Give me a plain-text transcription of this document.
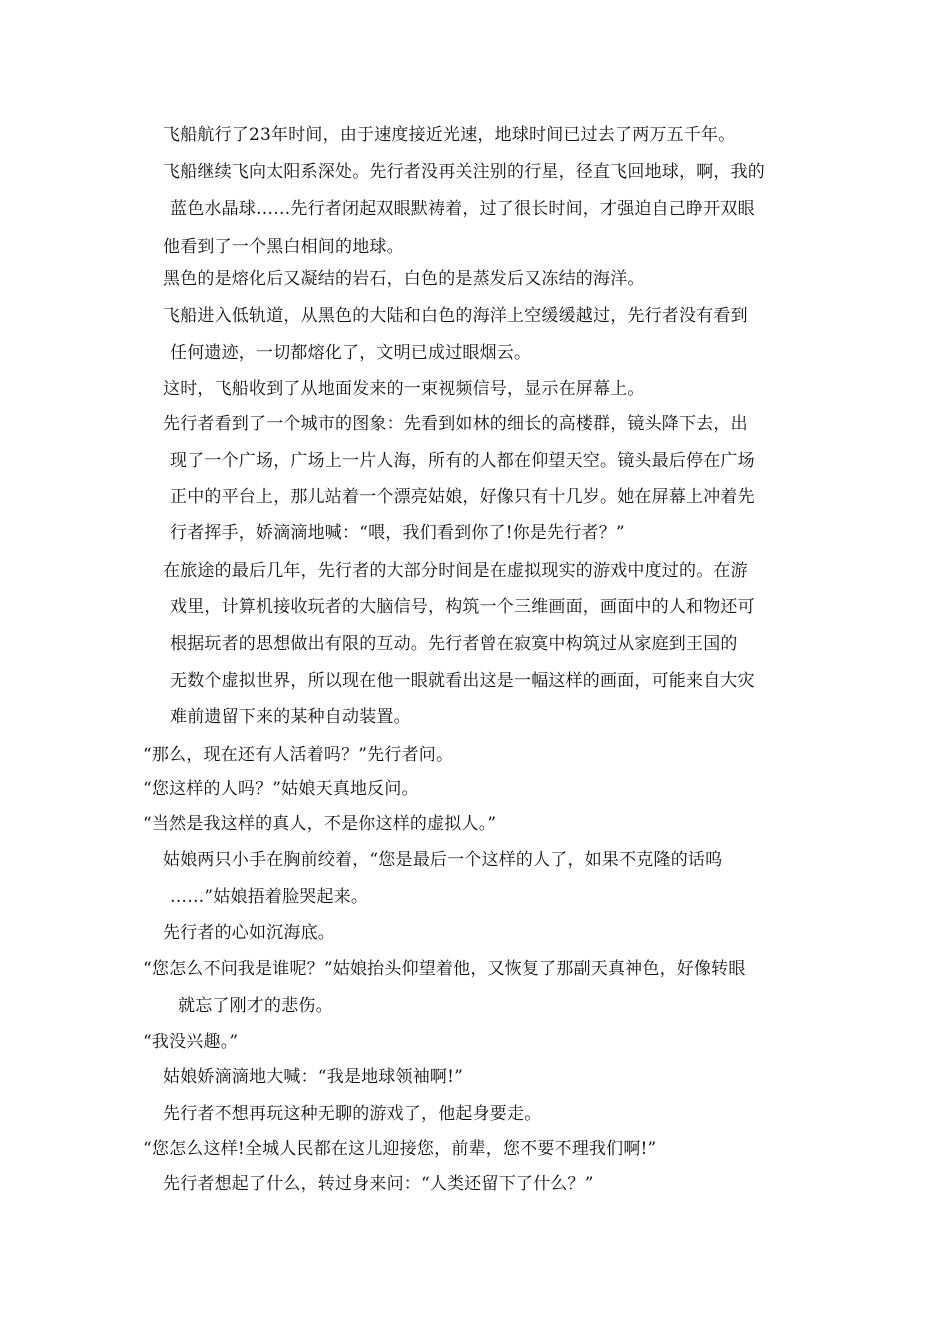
飞船航行了23年时间，由于速度接近光速，地球时间已过去了两万五千年。
飞船继续飞向太阳系深处。先行者没再关注别的行星，径直飞回地球，啊，我的
蓝色水晶球……先行者闭起双眼默祷着，过了很长时间，才强迫自己睁开双眼
他看到了一个黑白相间的地球。
黑色的是熔化后又凝结的岩石，白色的是蒸发后又冻结的海洋。
飞船进入低轨道，从黑色的大陆和白色的海洋上空缓缓越过，先行者没有看到
任何遗迹，一切都熔化了，文明已成过眼烟云。
这时，飞船收到了从地面发来的一束视频信号，显示在屏幕上。
先行者看到了一个城市的图象：先看到如林的细长的高楼群，镜头降下去，出
现了一个广场，广场上一片人海，所有的人都在仰望天空。镜头最后停在广场
正中的平台上，那儿站着一个漂亮姑娘，好像只有十几岁。她在屏幕上冲着先
行者挥手，娇滴滴地喊：“喂，我们看到你了!你是先行者？”
在旅途的最后几年，先行者的大部分时间是在虚拟现实的游戏中度过的。在游
戏里，计算机接收玩者的大脑信号，构筑一个三维画面，画面中的人和物还可
根据玩者的思想做出有限的互动。先行者曾在寂寞中构筑过从家庭到王国的
无数个虚拟世界，所以现在他一眼就看出这是一幅这样的画面，可能来自大灾
难前遗留下来的某种自动装置。
“那么，现在还有人活着吗？”先行者问。
“您这样的人吗？”姑娘天真地反问。
“当然是我这样的真人，不是你这样的虚拟人。”
姑娘两只小手在胸前绞着，“您是最后一个这样的人了，如果不克隆的话呜
……”姑娘捂着脸哭起来。
先行者的心如沉海底。
“您怎么不问我是谁呢？”姑娘抬头仰望着他，又恢复了那副天真神色，好像转眼
就忘了刚才的悲伤。
“我没兴趣。”
姑娘娇滴滴地大喊：“我是地球领袖啊!”
先行者不想再玩这种无聊的游戏了，他起身要走。
“您怎么这样!全城人民都在这儿迎接您，前辈，您不要不理我们啊!”
先行者想起了什么，转过身来问：“人类还留下了什么？”
